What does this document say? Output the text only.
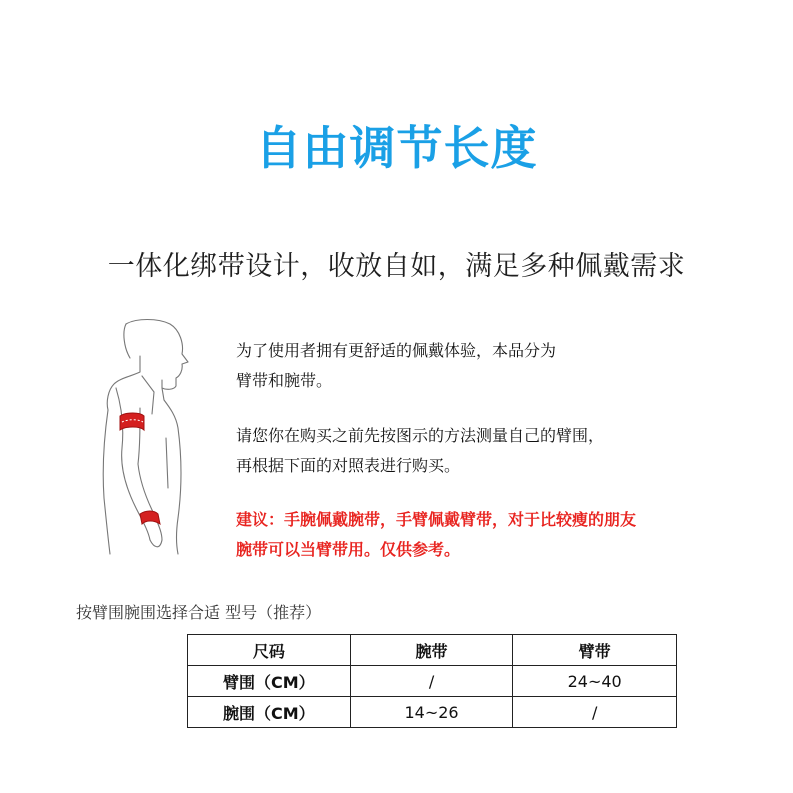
自由调节长度
一体化绑带设计，收放自如，满足多种佩戴需求
为了使用者拥有更舒适的佩戴体验，本品分为
臂带和腕带。
请您你在购买之前先按图示的方法测量自己的臂围，
再根据下面的对照表进行购买。
建议：手腕佩戴腕带，手臂佩戴臂带，对于比较瘦的朋友
腕带可以当臂带用。仅供参考。
按臂围腕围选择合适 型号（推荐）
尺码	腕带	臂带
臂围（CM）	/	24~40
腕围（CM）	14~26	/
